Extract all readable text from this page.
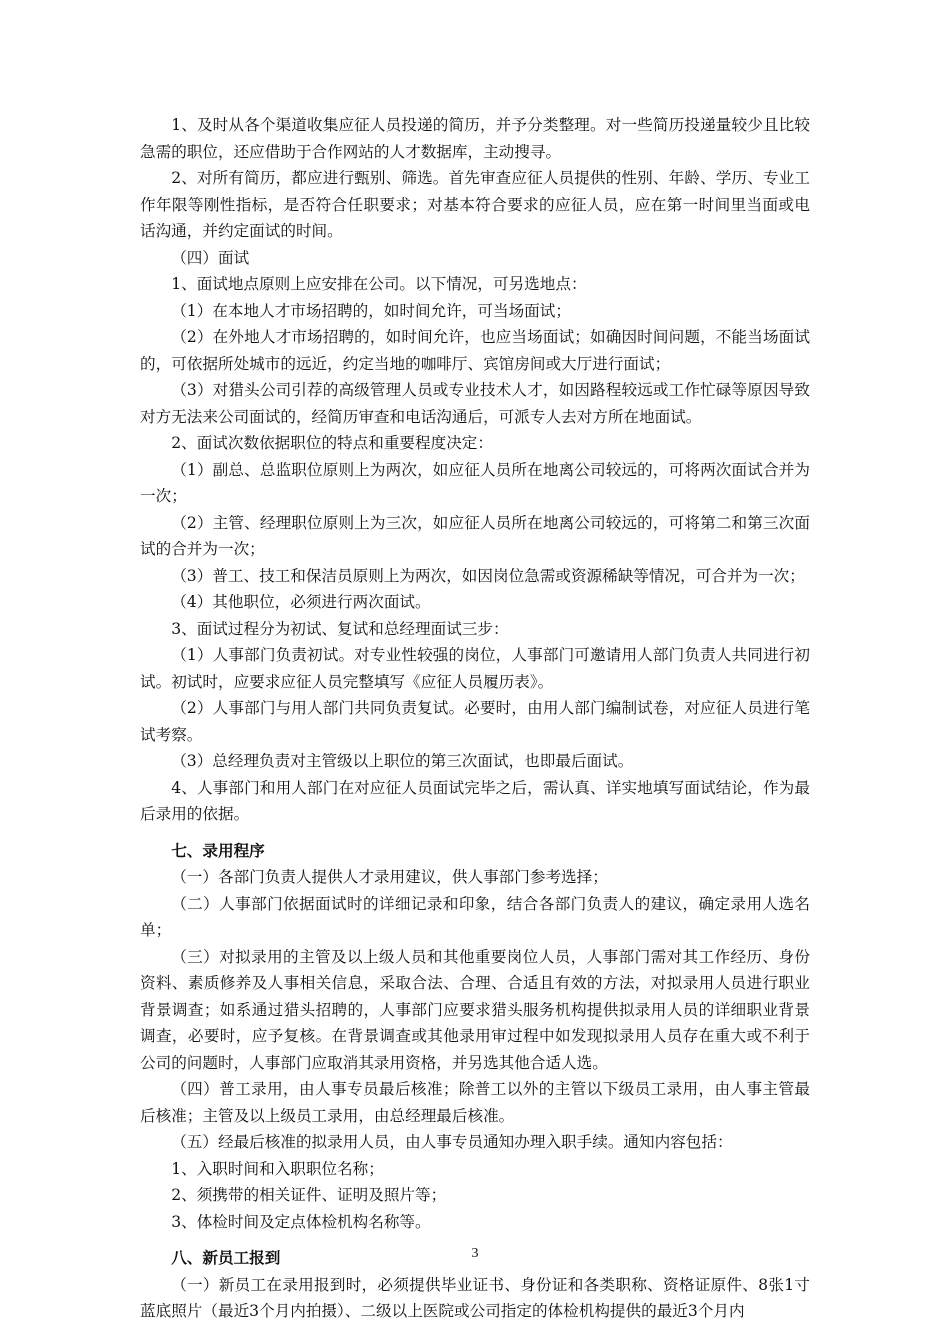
1、及时从各个渠道收集应征人员投递的简历，并予分类整理。对一些简历投递量较少且比较急需的职位，还应借助于合作网站的人才数据库，主动搜寻。

2、对所有简历，都应进行甄别、筛选。首先审查应征人员提供的性别、年龄、学历、专业工作年限等刚性指标，是否符合任职要求；对基本符合要求的应征人员，应在第一时间里当面或电话沟通，并约定面试的时间。

（四）面试

1、面试地点原则上应安排在公司。以下情况，可另选地点：

（1）在本地人才市场招聘的，如时间允许，可当场面试；

（2）在外地人才市场招聘的，如时间允许，也应当场面试；如确因时间问题，不能当场面试的，可依据所处城市的远近，约定当地的咖啡厅、宾馆房间或大厅进行面试；

（3）对猎头公司引荐的高级管理人员或专业技术人才，如因路程较远或工作忙碌等原因导致对方无法来公司面试的，经简历审查和电话沟通后，可派专人去对方所在地面试。

2、面试次数依据职位的特点和重要程度决定：

（1）副总、总监职位原则上为两次，如应征人员所在地离公司较远的，可将两次面试合并为一次；

（2）主管、经理职位原则上为三次，如应征人员所在地离公司较远的，可将第二和第三次面试的合并为一次；

（3）普工、技工和保洁员原则上为两次，如因岗位急需或资源稀缺等情况，可合并为一次；

（4）其他职位，必须进行两次面试。

3、面试过程分为初试、复试和总经理面试三步：

（1）人事部门负责初试。对专业性较强的岗位，人事部门可邀请用人部门负责人共同进行初试。初试时，应要求应征人员完整填写《应征人员履历表》。

（2）人事部门与用人部门共同负责复试。必要时，由用人部门编制试卷，对应征人员进行笔试考察。

（3）总经理负责对主管级以上职位的第三次面试，也即最后面试。

4、人事部门和用人部门在对应征人员面试完毕之后，需认真、详实地填写面试结论，作为最后录用的依据。

七、录用程序

（一）各部门负责人提供人才录用建议，供人事部门参考选择；

（二）人事部门依据面试时的详细记录和印象，结合各部门负责人的建议，确定录用人选名单；

（三）对拟录用的主管及以上级人员和其他重要岗位人员，人事部门需对其工作经历、身份资料、素质修养及人事相关信息，采取合法、合理、合适且有效的方法，对拟录用人员进行职业背景调查；如系通过猎头招聘的，人事部门应要求猎头服务机构提供拟录用人员的详细职业背景调查，必要时，应予复核。在背景调查或其他录用审过程中如发现拟录用人员存在重大或不利于公司的问题时，人事部门应取消其录用资格，并另选其他合适人选。

（四）普工录用，由人事专员最后核准；除普工以外的主管以下级员工录用，由人事主管最后核准；主管及以上级员工录用，由总经理最后核准。

（五）经最后核准的拟录用人员，由人事专员通知办理入职手续。通知内容包括：

1、入职时间和入职职位名称；

2、须携带的相关证件、证明及照片等；

3、体检时间及定点体检机构名称等。

八、新员工报到

（一）新员工在录用报到时，必须提供毕业证书、身份证和各类职称、资格证原件、8张1寸蓝底照片（最近3个月内拍摄）、二级以上医院或公司指定的体检机构提供的最近3个月内

3
